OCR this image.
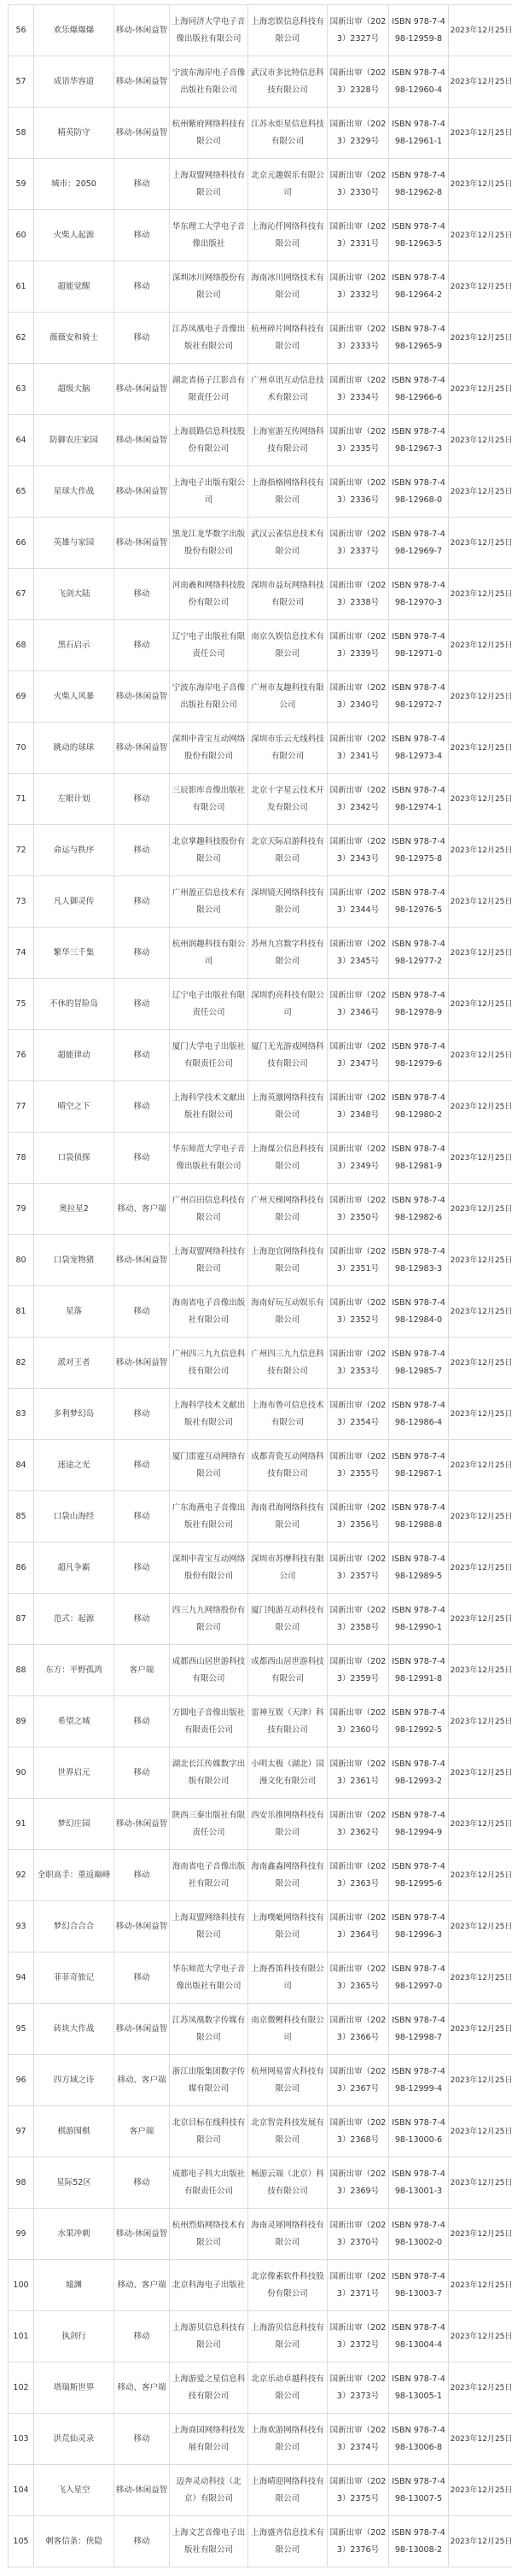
56	欢乐爆爆爆	移动-休闲益智	上海同济大学电子音像出版社有限公司	上海恋娱信息科技有限公司	国新出审（2023）2327号	ISBN 978-7-498-12959-8	2023年12月25日
57	成语华容道	移动-休闲益智	宁波东海岸电子音像出版社有限公司	武汉市多比特信息科技有限公司	国新出审（2023）2328号	ISBN 978-7-498-12960-4	2023年12月25日
58	精英防守	移动-休闲益智	杭州紫府网络科技有限公司	江苏永炬星信息科技有限公司	国新出审（2023）2329号	ISBN 978-7-498-12961-1	2023年12月25日
59	城市：2050	移动	上海双盟网络科技有限公司	北京元趣娱乐有限公司	国新出审（2023）2330号	ISBN 978-7-498-12962-8	2023年12月25日
60	火柴人起源	移动	华东理工大学电子音像出版社	上海沁仟网络科技有限公司	国新出审（2023）2331号	ISBN 978-7-498-12963-5	2023年12月25日
61	超能觉醒	移动	深圳冰川网络股份有限公司	海南冰川网络技术有限公司	国新出审（2023）2332号	ISBN 978-7-498-12964-2	2023年12月25日
62	薇薇安和骑士	移动	江苏凤凰电子音像出版社有限公司	杭州碎片网络科技有限公司	国新出审（2023）2333号	ISBN 978-7-498-12965-9	2023年12月25日
63	超级大脑	移动-休闲益智	湖北省扬子江影音有限责任公司	广州卓讯互动信息技术有限公司	国新出审（2023）2334号	ISBN 978-7-498-12966-6	2023年12月25日
64	防御农庄家园	移动-休闲益智	上海晨路信息科技股份有限公司	上海室游互传网络科技有限公司	国新出审（2023）2335号	ISBN 978-7-498-12967-3	2023年12月25日
65	星球大作战	移动-休闲益智	上海电子出版有限公司	上海指格网络科技有限公司	国新出审（2023）2336号	ISBN 978-7-498-12968-0	2023年12月25日
66	英雄与家园	移动-休闲益智	黑龙江龙华数字出版股份有限公司	武汉云雀信息技术有限公司	国新出审（2023）2337号	ISBN 978-7-498-12969-7	2023年12月25日
67	飞剑大陆	移动	河南羲和网络科技股份有限公司	深圳市益玩网络科技有限公司	国新出审（2023）2338号	ISBN 978-7-498-12970-3	2023年12月25日
68	黑石启示	移动	辽宁电子出版社有限责任公司	南京久娱信息技术有限公司	国新出审（2023）2339号	ISBN 978-7-498-12971-0	2023年12月25日
69	火柴人风暴	移动-休闲益智	宁波东海岸电子音像出版社有限公司	广州市友趣科技有限公司	国新出审（2023）2340号	ISBN 978-7-498-12972-7	2023年12月25日
70	跳动的球球	移动-休闲益智	深圳中青宝互动网络股份有限公司	深圳市乐云无线科技有限公司	国新出审（2023）2341号	ISBN 978-7-498-12973-4	2023年12月25日
71	左眼计划	移动	三辰影库音像出版社有限公司	北京十字星云技术开发有限公司	国新出审（2023）2342号	ISBN 978-7-498-12974-1	2023年12月25日
72	命运与秩序	移动	北京掌趣科技股份有限公司	北京天际启游科技有限公司	国新出审（2023）2343号	ISBN 978-7-498-12975-8	2023年12月25日
73	凡人御灵传	移动	广州盈正信息技术有限公司	深圳镜天网络科技有限公司	国新出审（2023）2344号	ISBN 978-7-498-12976-5	2023年12月25日
74	繁华三千集	移动	杭州润趣科技有限公司	苏州九宫数字科技有限公司	国新出审（2023）2345号	ISBN 978-7-498-12977-2	2023年12月25日
75	不休的冒险岛	移动	辽宁电子出版社有限责任公司	深圳豹亮科技有限公司	国新出审（2023）2346号	ISBN 978-7-498-12978-9	2023年12月25日
76	超能律动	移动	厦门大学电子出版社有限责任公司	厦门无光游戏网络科技有限公司	国新出审（2023）2347号	ISBN 978-7-498-12979-6	2023年12月25日
77	晴空之下	移动	上海科学技术文献出版社有限公司	上海英激网络科技有限公司	国新出审（2023）2348号	ISBN 978-7-498-12980-2	2023年12月25日
78	口袋侦探	移动	华东师范大学电子音像出版社有限公司	上海煤公信息科技有限公司	国新出审（2023）2349号	ISBN 978-7-498-12981-9	2023年12月25日
79	奥拉星2	移动、客户端	广州百田信息科技有限公司	广州天梯网络科技有限公司	国新出审（2023）2350号	ISBN 978-7-498-12982-6	2023年12月25日
80	口袋宠物猪	移动-休闲益智	上海双盟网络科技有限公司	上海迩宜网络科技有限公司	国新出审（2023）2351号	ISBN 978-7-498-12983-3	2023年12月25日
81	星落	移动	海南省电子音像出版社有限公司	海南好玩互动娱乐有限公司	国新出审（2023）2352号	ISBN 978-7-498-12984-0	2023年12月25日
82	派对王者	移动-休闲益智	广州四三九九信息科技有限公司	广州四三九九信息科技有限公司	国新出审（2023）2353号	ISBN 978-7-498-12985-7	2023年12月25日
83	多利梦幻岛	移动	上海科学技术文献出版社有限公司	上海布鲁可信息技术有限公司	国新出审（2023）2354号	ISBN 978-7-498-12986-4	2023年12月25日
84	迷途之光	移动	厦门雷霆互动网络有限公司	成都青瓷互动网络科技有限公司	国新出审（2023）2355号	ISBN 978-7-498-12987-1	2023年12月25日
85	口袋山海经	移动	广东海燕电子音像出版社有限公司	海南君海网络科技有限公司	国新出审（2023）2356号	ISBN 978-7-498-12988-8	2023年12月25日
86	超凡争霸	移动	深圳中青宝互动网络股份有限公司	深圳市苏摩科技有限公司	国新出审（2023）2357号	ISBN 978-7-498-12989-5	2023年12月25日
87	范式：起源	移动	四三九九网络股份有限公司	厦门纯游互动科技有限公司	国新出审（2023）2358号	ISBN 978-7-498-12990-1	2023年12月25日
88	东方：平野孤鸿	客户端	成都西山居世游科技有限公司	成都西山居世游科技有限公司	国新出审（2023）2359号	ISBN 978-7-498-12991-8	2023年12月25日
89	希望之城	移动	方圆电子音像出版社有限责任公司	雷神互娱（天津）科技有限公司	国新出审（2023）2360号	ISBN 978-7-498-12992-5	2023年12月25日
90	世界启元	移动	湖北长江传媒数字出版有限公司	小明太极（湖北）国漫文化有限公司	国新出审（2023）2361号	ISBN 978-7-498-12993-2	2023年12月25日
91	梦幻庄园	移动-休闲益智	陕西三秦出版社有限责任公司	西安乐推网络科技有限公司	国新出审（2023）2362号	ISBN 978-7-498-12994-9	2023年12月25日
92	全职高手：重返巅峰	移动	海南省电子音像出版社有限公司	海南鑫淼网络科技有限公司	国新出审（2023）2363号	ISBN 978-7-498-12995-6	2023年12月25日
93	梦幻合合合	移动-休闲益智	上海双盟网络科技有限公司	上海噗呲网络科技有限公司	国新出审（2023）2364号	ISBN 978-7-498-12996-3	2023年12月25日
94	菲菲奇旅记	移动	华东师范大学电子音像出版社有限公司	上海香笛科技有限公司	国新出审（2023）2365号	ISBN 978-7-498-12997-0	2023年12月25日
95	砖块大作战	移动-休闲益智	江苏凤凰数字传媒有限公司	南京微鲤科技有限公司	国新出审（2023）2366号	ISBN 978-7-498-12998-7	2023年12月25日
96	四方域之诗	移动、客户端	浙江出版集团数字传媒有限公司	杭州网易雷火科技有限公司	国新出审（2023）2367号	ISBN 978-7-498-12999-4	2023年12月25日
97	棋游围棋	客户端	北京目标在线科技有限公司	北京智竞科技发展有限公司	国新出审（2023）2368号	ISBN 978-7-498-13000-6	2023年12月25日
98	星际52区	移动	成都电子科大出版社有限责任公司	畅游云端（北京）科技有限公司	国新出审（2023）2369号	ISBN 978-7-498-13001-3	2023年12月25日
99	水果冲刺	移动-休闲益智	杭州烈焰网络技术有限公司	海南灵犀网络科技有限公司	国新出审（2023）2370号	ISBN 978-7-498-13002-0	2023年12月25日
100	墟渊	移动、客户端	北京科海电子出版社	北京像素软件科技股份有限公司	国新出审（2023）2371号	ISBN 978-7-498-13003-7	2023年12月25日
101	执剑行	移动	上海游贝信息科技有限公司	上海游贝信息科技有限公司	国新出审（2023）2372号	ISBN 978-7-498-13004-4	2023年12月25日
102	塔瑞斯世界	移动、客户端	上海游爱之星信息科技有限公司	北京乐动卓越科技有限公司	国新出审（2023）2373号	ISBN 978-7-498-13005-1	2023年12月25日
103	洪荒仙灵录	移动	上海商国网络科技发展有限公司	上海欢游网络科技有限公司	国新出审（2023）2374号	ISBN 978-7-498-13006-8	2023年12月25日
104	飞入星空	移动-休闲益智	迈奔灵动科技（北京）有限公司	上海晴迎网络科技有限公司	国新出审（2023）2375号	ISBN 978-7-498-13007-5	2023年12月25日
105	刺客信条：侠隐	移动	上海文艺音像电子出版社有限公司	上海盛齐信息技术有限公司	国新出审（2023）2376号	ISBN 978-7-498-13008-2	2023年12月25日
